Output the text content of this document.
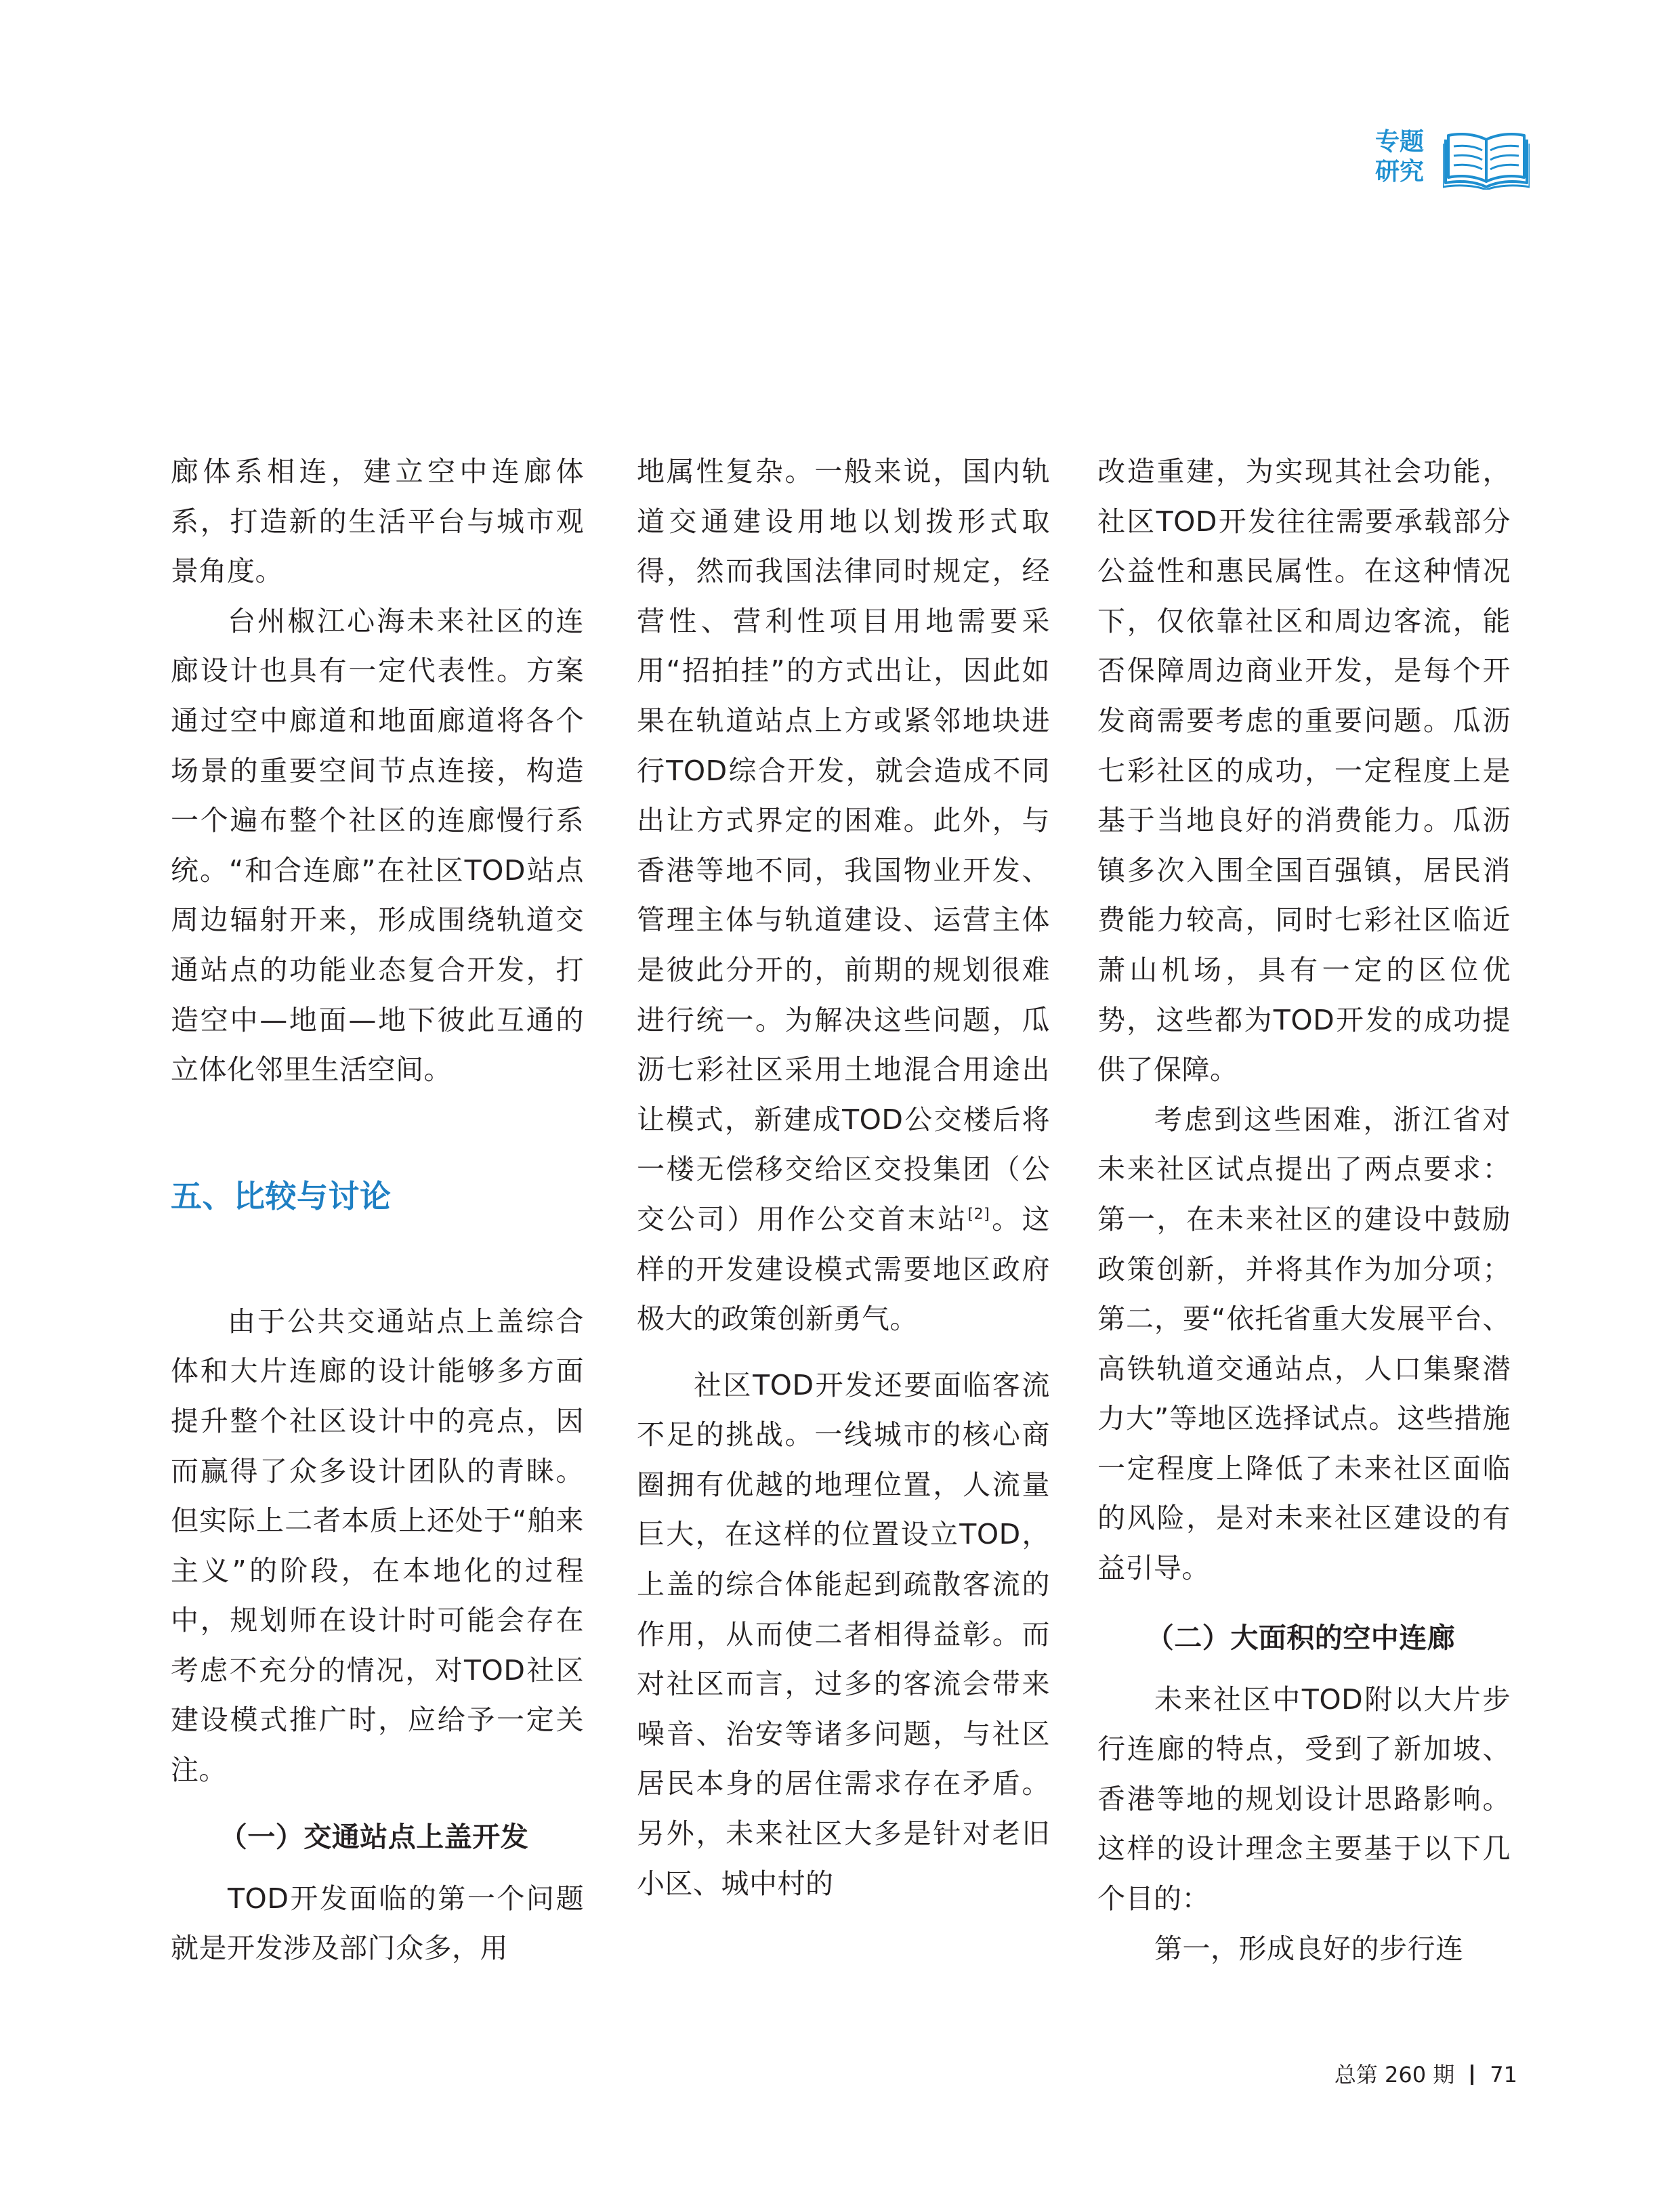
专题
研究

廊体系相连，建立空中连廊体系，打造新的生活平台与城市观景角度。

台州椒江心海未来社区的连廊设计也具有一定代表性。方案通过空中廊道和地面廊道将各个场景的重要空间节点连接，构造一个遍布整个社区的连廊慢行系统。“和合连廊”在社区TOD站点周边辐射开来，形成围绕轨道交通站点的功能业态复合开发，打造空中—地面—地下彼此互通的立体化邻里生活空间。

五、比较与讨论

由于公共交通站点上盖综合体和大片连廊的设计能够多方面提升整个社区设计中的亮点，因而赢得了众多设计团队的青睐。但实际上二者本质上还处于“舶来主义”的阶段，在本地化的过程中，规划师在设计时可能会存在考虑不充分的情况，对TOD社区建设模式推广时，应给予一定关注。

（一）交通站点上盖开发

TOD开发面临的第一个问题就是开发涉及部门众多，用

地属性复杂。一般来说，国内轨道交通建设用地以划拨形式取得，然而我国法律同时规定，经营性、营利性项目用地需要采用“招拍挂”的方式出让，因此如果在轨道站点上方或紧邻地块进行TOD综合开发，就会造成不同出让方式界定的困难。此外，与香港等地不同，我国物业开发、管理主体与轨道建设、运营主体是彼此分开的，前期的规划很难进行统一。为解决这些问题，瓜沥七彩社区采用土地混合用途出让模式，新建成TOD公交楼后将一楼无偿移交给区交投集团（公交公司）用作公交首末站[2]。这样的开发建设模式需要地区政府极大的政策创新勇气。

社区TOD开发还要面临客流不足的挑战。一线城市的核心商圈拥有优越的地理位置，人流量巨大，在这样的位置设立TOD，上盖的综合体能起到疏散客流的作用，从而使二者相得益彰。而对社区而言，过多的客流会带来噪音、治安等诸多问题，与社区居民本身的居住需求存在矛盾。另外，未来社区大多是针对老旧小区、城中村的

改造重建，为实现其社会功能，社区TOD开发往往需要承载部分公益性和惠民属性。在这种情况下，仅依靠社区和周边客流，能否保障周边商业开发，是每个开发商需要考虑的重要问题。瓜沥七彩社区的成功，一定程度上是基于当地良好的消费能力。瓜沥镇多次入围全国百强镇，居民消费能力较高，同时七彩社区临近萧山机场，具有一定的区位优势，这些都为TOD开发的成功提供了保障。

考虑到这些困难，浙江省对未来社区试点提出了两点要求：第一，在未来社区的建设中鼓励政策创新，并将其作为加分项；第二，要“依托省重大发展平台、高铁轨道交通站点，人口集聚潜力大”等地区选择试点。这些措施一定程度上降低了未来社区面临的风险，是对未来社区建设的有益引导。

（二）大面积的空中连廊

未来社区中TOD附以大片步行连廊的特点，受到了新加坡、香港等地的规划设计思路影响。这样的设计理念主要基于以下几个目的：

第一，形成良好的步行连

总第 260 期 71
